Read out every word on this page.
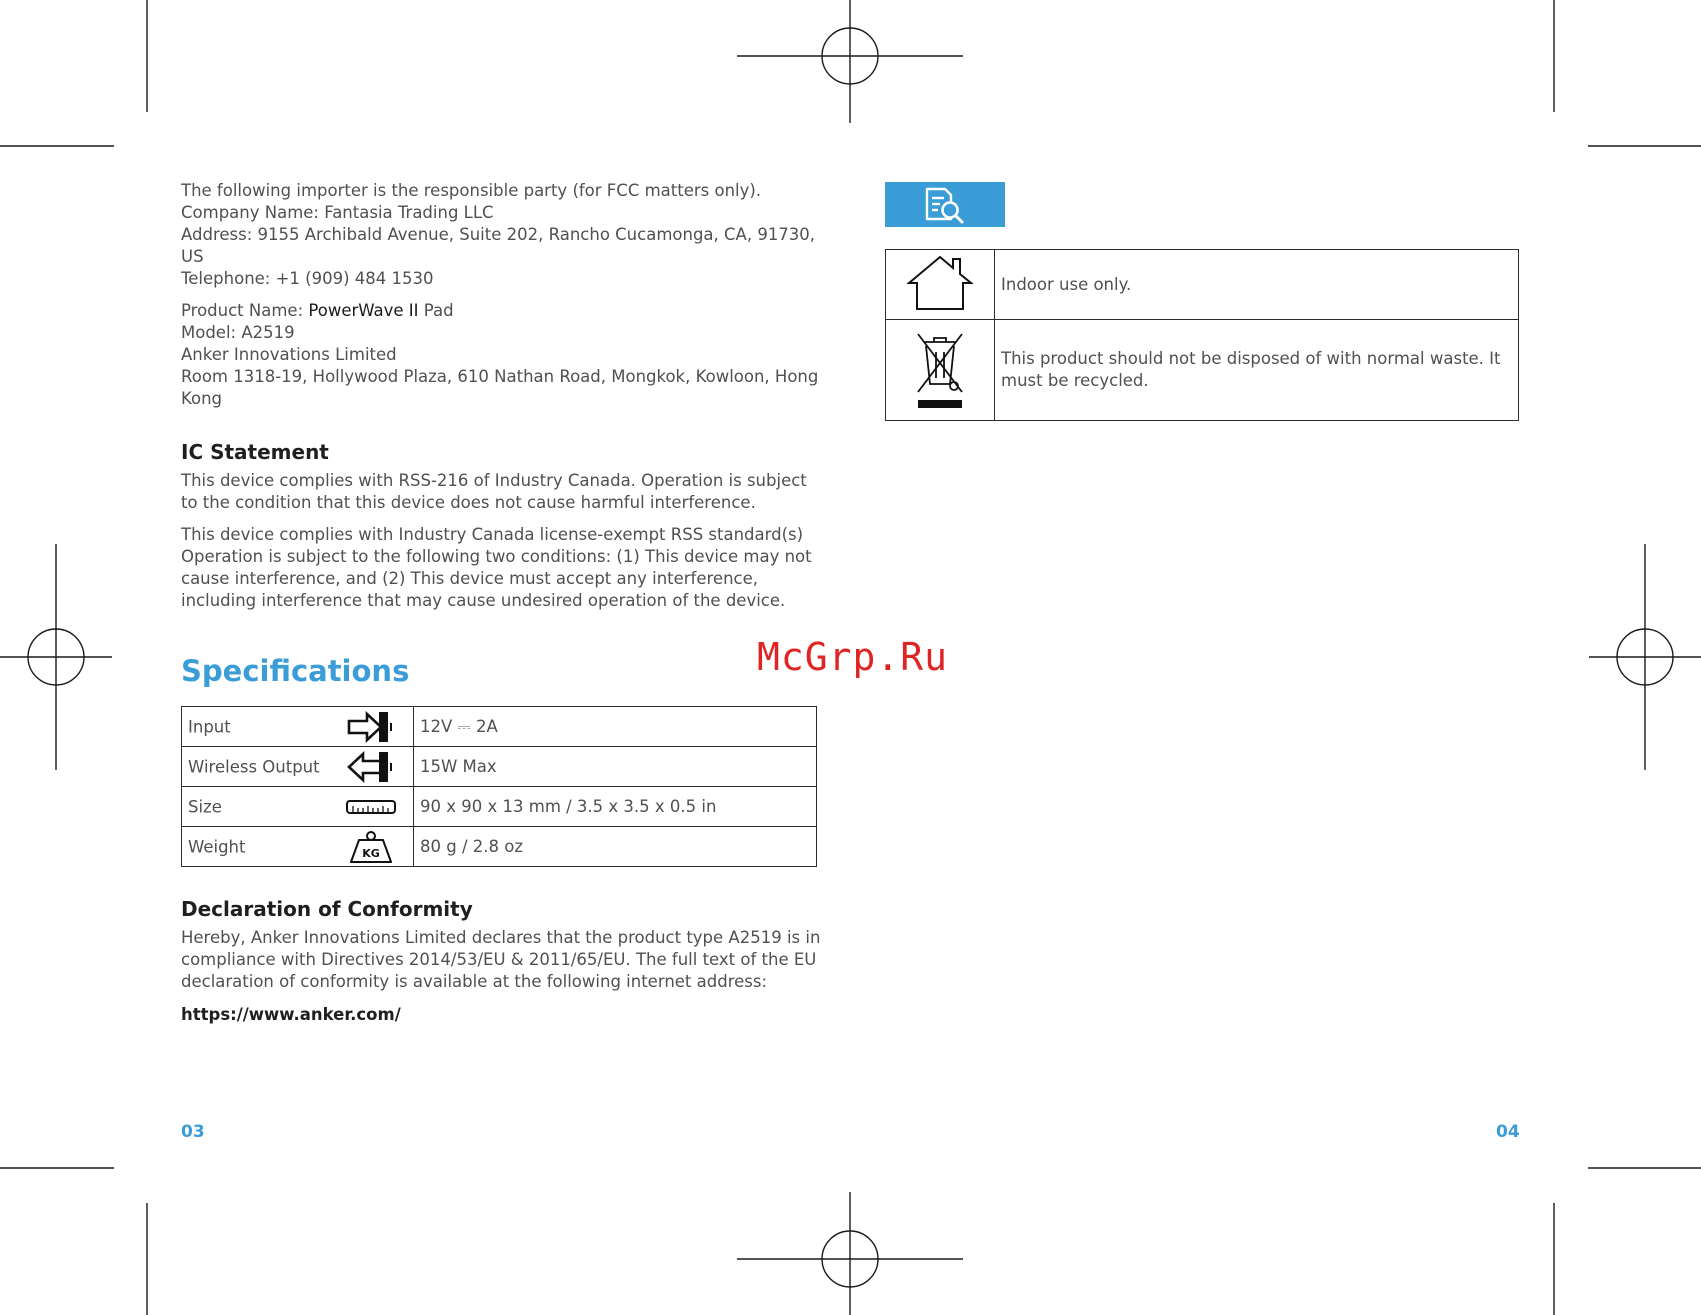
The following importer is the responsible party (for FCC matters only).
Company Name: Fantasia Trading LLC
Address: 9155 Archibald Avenue, Suite 202, Rancho Cucamonga, CA, 91730,
US
Telephone: +1 (909) 484 1530
Product Name: PowerWave II Pad
Model: A2519
Anker Innovations Limited
Room 1318-19, Hollywood Plaza, 610 Nathan Road, Mongkok, Kowloon, Hong
Kong
IC Statement

This device complies with RSS-216 of Industry Canada. Operation is subject to the condition that this device does not cause harmful interference.

This device complies with Industry Canada license-exempt RSS standard(s) Operation is subject to the following two conditions: (1) This device may not cause interference, and (2) This device must accept any interference, including interference that may cause undesired operation of the device.

Specifications
Input	12V ⎓ 2A

Wireless Output	15W Max

Size	90 x 90 x 13 mm / 3.5 x 3.5 x 0.5 in

Weight KG	80 g / 2.8 oz
Declaration of Conformity

Hereby, Anker Innovations Limited declares that the product type A2519 is in compliance with Directives 2014/53/EU & 2011/65/EU. The full text of the EU declaration of conformity is available at the following internet address:

https://www.anker.com/
03	04
McGrp.Ru
	Indoor use only.
	This product should not be disposed of with normal waste. It must be recycled.
